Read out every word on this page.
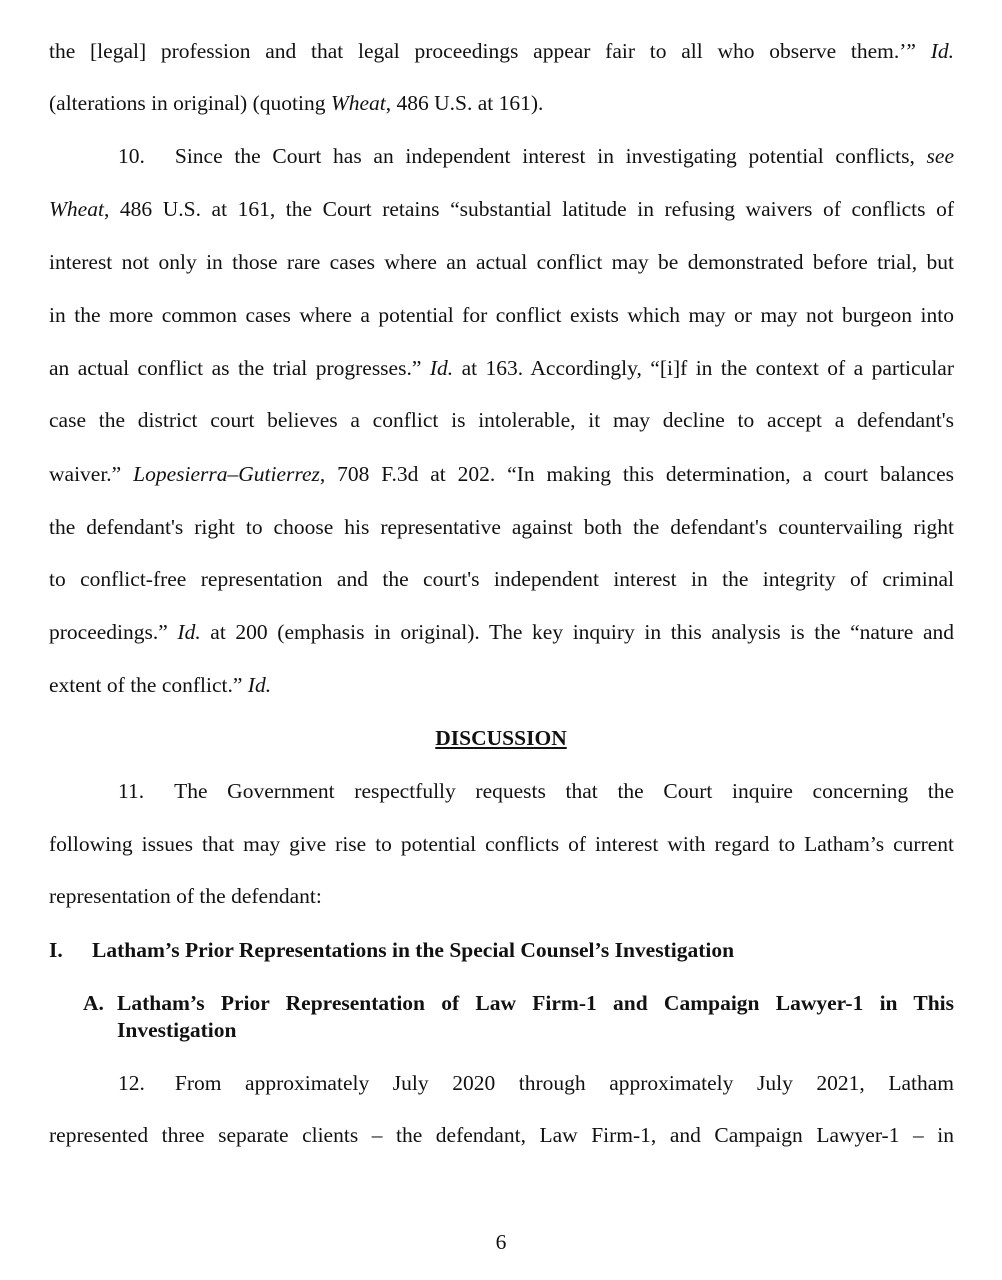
the [legal] profession and that legal proceedings appear fair to all who observe them.’” Id.
(alterations in original) (quoting Wheat, 486 U.S. at 161).
10. Since the Court has an independent interest in investigating potential conflicts, see
Wheat, 486 U.S. at 161, the Court retains “substantial latitude in refusing waivers of conflicts of
interest not only in those rare cases where an actual conflict may be demonstrated before trial, but
in the more common cases where a potential for conflict exists which may or may not burgeon into
an actual conflict as the trial progresses.” Id. at 163. Accordingly, “[i]f in the context of a particular
case the district court believes a conflict is intolerable, it may decline to accept a defendant's
waiver.” Lopesierra–Gutierrez, 708 F.3d at 202. “In making this determination, a court balances
the defendant's right to choose his representative against both the defendant's countervailing right
to conflict-free representation and the court's independent interest in the integrity of criminal
proceedings.” Id. at 200 (emphasis in original). The key inquiry in this analysis is the “nature and
extent of the conflict.” Id.
DISCUSSION
11. The Government respectfully requests that the Court inquire concerning the
following issues that may give rise to potential conflicts of interest with regard to Latham’s current
representation of the defendant:
I. Latham’s Prior Representations in the Special Counsel’s Investigation
A. Latham’s Prior Representation of Law Firm-1 and Campaign Lawyer-1 in This
Investigation
12. From approximately July 2020 through approximately July 2021, Latham
represented three separate clients – the defendant, Law Firm-1, and Campaign Lawyer-1 – in
6
